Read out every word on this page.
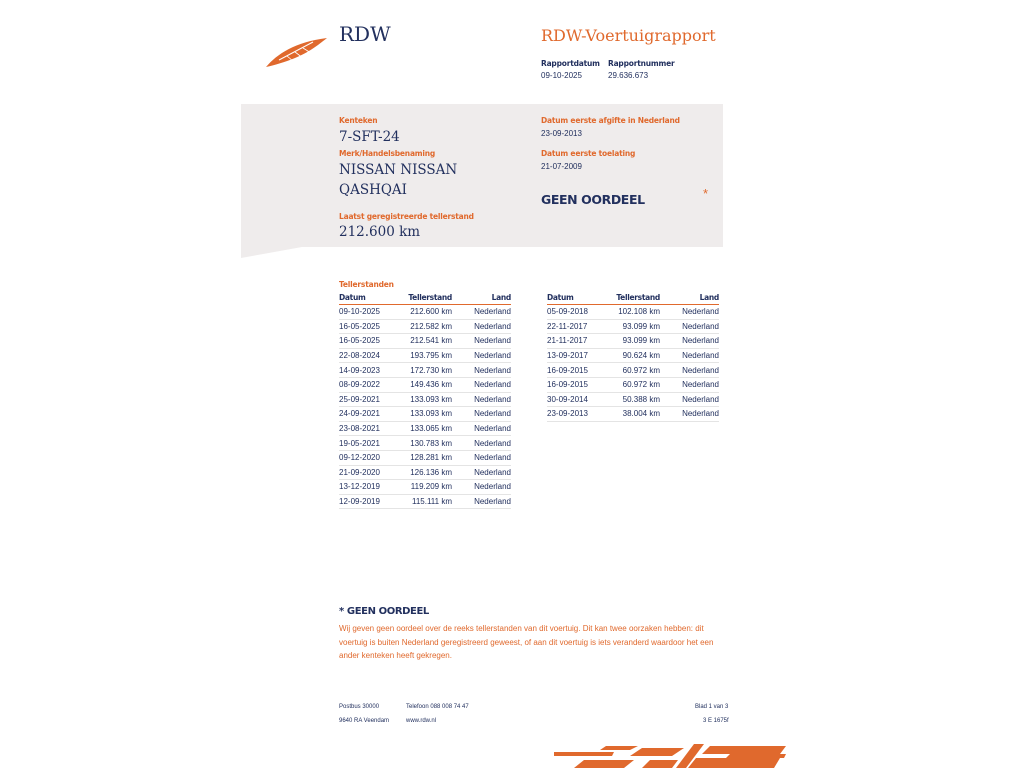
RDW	RDW-Voertuigrapport
Rapportdatum
09-10-2025
Rapportnummer
29.636.673
Kenteken
7-SFT-24
Merk/Handelsbenaming
NISSAN NISSAN
QASHQAI
Laatst geregistreerde tellerstand
212.600 km
Datum eerste afgifte in Nederland
23-09-2013
Datum eerste toelating
21-07-2009
GEEN OORDEEL	*
Tellerstanden
Datum	Tellerstand	Land
09-10-2025	212.600 km	Nederland
16-05-2025	212.582 km	Nederland
16-05-2025	212.541 km	Nederland
22-08-2024	193.795 km	Nederland
14-09-2023	172.730 km	Nederland
08-09-2022	149.436 km	Nederland
25-09-2021	133.093 km	Nederland
24-09-2021	133.093 km	Nederland
23-08-2021	133.065 km	Nederland
19-05-2021	130.783 km	Nederland
09-12-2020	128.281 km	Nederland
21-09-2020	126.136 km	Nederland
13-12-2019	119.209 km	Nederland
12-09-2019	115.111 km	Nederland
Datum	Tellerstand	Land
05-09-2018	102.108 km	Nederland
22-11-2017	93.099 km	Nederland
21-11-2017	93.099 km	Nederland
13-09-2017	90.624 km	Nederland
16-09-2015	60.972 km	Nederland
16-09-2015	60.972 km	Nederland
30-09-2014	50.388 km	Nederland
23-09-2013	38.004 km	Nederland
* GEEN OORDEEL
Wij geven geen oordeel over de reeks tellerstanden van dit voertuig. Dit kan twee oorzaken hebben: dit voertuig is buiten Nederland geregistreerd geweest, of aan dit voertuig is iets veranderd waardoor het een ander kenteken heeft gekregen.
Postbus 30000
9640 RA Veendam
Telefoon 088 008 74 47
www.rdw.nl
Blad 1 van 3
3 E 1675f
